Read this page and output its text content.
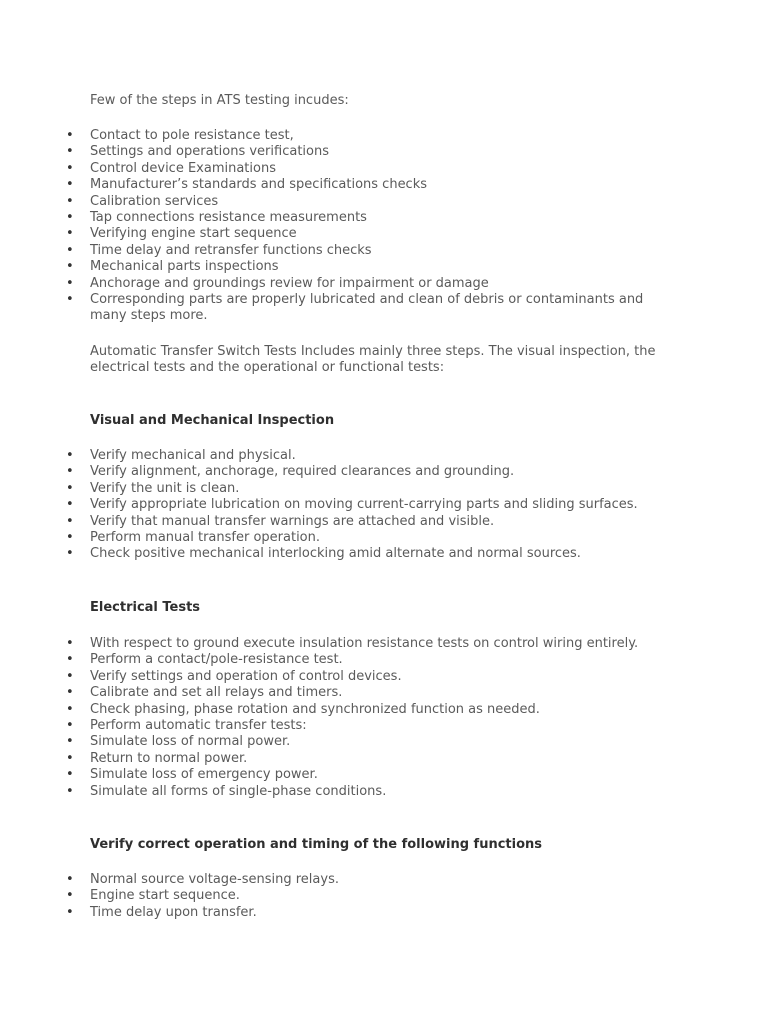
Few of the steps in ATS testing incudes:

• Contact to pole resistance test,
• Settings and operations verifications
• Control device Examinations
• Manufacturer’s standards and specifications checks
• Calibration services
• Tap connections resistance measurements
• Verifying engine start sequence
• Time delay and retransfer functions checks
• Mechanical parts inspections
• Anchorage and groundings review for impairment or damage
• Corresponding parts are properly lubricated and clean of debris or contaminants and many steps more.

Automatic Transfer Switch Tests Includes mainly three steps. The visual inspection, the electrical tests and the operational or functional tests:

Visual and Mechanical Inspection
• Verify mechanical and physical.
• Verify alignment, anchorage, required clearances and grounding.
• Verify the unit is clean.
• Verify appropriate lubrication on moving current-carrying parts and sliding surfaces.
• Verify that manual transfer warnings are attached and visible.
• Perform manual transfer operation.
• Check positive mechanical interlocking amid alternate and normal sources.
Electrical Tests
• With respect to ground execute insulation resistance tests on control wiring entirely.
• Perform a contact/pole-resistance test.
• Verify settings and operation of control devices.
• Calibrate and set all relays and timers.
• Check phasing, phase rotation and synchronized function as needed.
• Perform automatic transfer tests:
• Simulate loss of normal power.
• Return to normal power.
• Simulate loss of emergency power.
• Simulate all forms of single-phase conditions.
Verify correct operation and timing of the following functions
• Normal source voltage-sensing relays.
• Engine start sequence.
• Time delay upon transfer.
